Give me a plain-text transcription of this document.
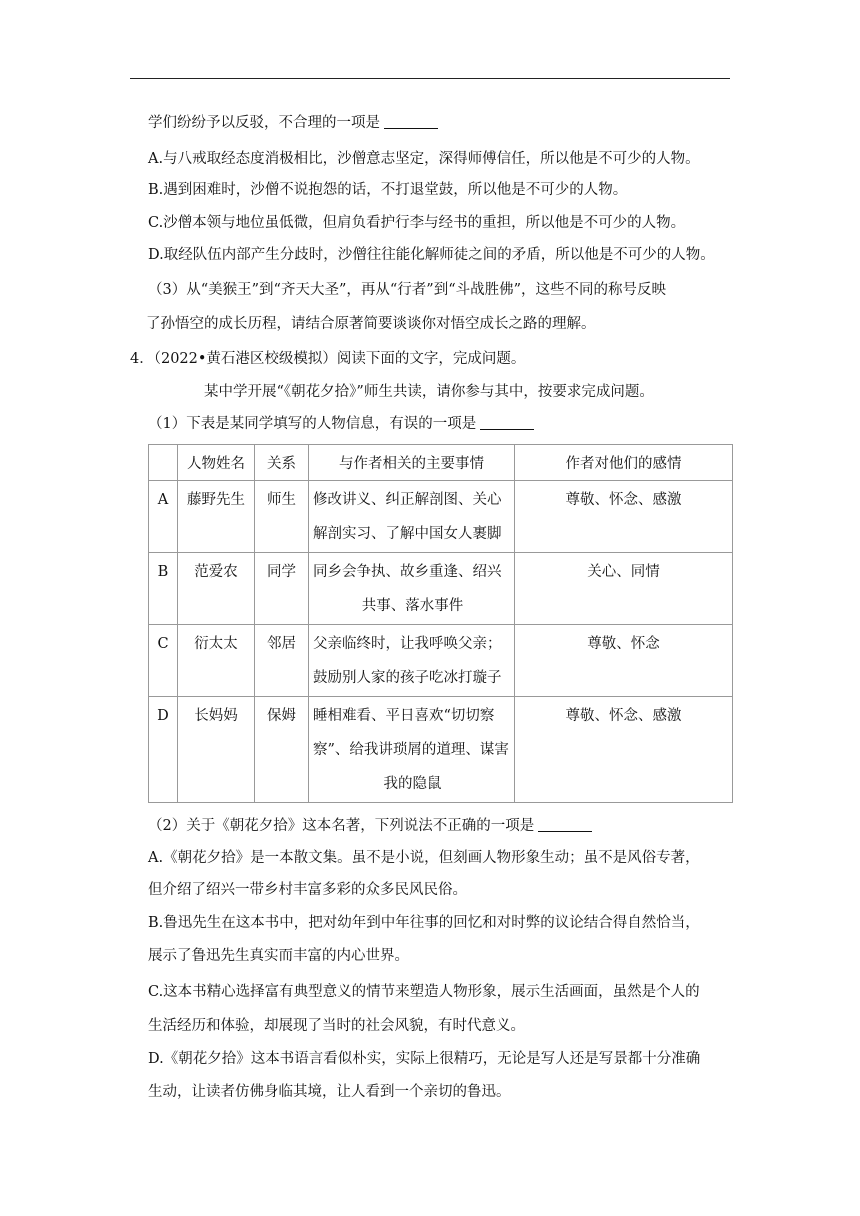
学们纷纷予以反驳，不合理的一项是
A.与八戒取经态度消极相比，沙僧意志坚定，深得师傅信任，所以他是不可少的人物。
B.遇到困难时，沙僧不说抱怨的话，不打退堂鼓，所以他是不可少的人物。
C.沙僧本领与地位虽低微，但肩负看护行李与经书的重担，所以他是不可少的人物。
D.取经队伍内部产生分歧时，沙僧往往能化解师徒之间的矛盾，所以他是不可少的人物。
（3）从“美猴王”到“齐天大圣”，再从“行者”到“斗战胜佛”，这些不同的称号反映
了孙悟空的成长历程，请结合原著简要谈谈你对悟空成长之路的理解。
4．（2022•黄石港区校级模拟）阅读下面的文字，完成问题。
某中学开展“《朝花夕拾》”师生共读，请你参与其中，按要求完成问题。
（1）下表是某同学填写的人物信息，有误的一项是
	人物姓名	关系	与作者相关的主要事情	作者对他们的感情
A	藤野先生	师生	修改讲义、纠正解剖图、关心
解剖实习、了解中国女人裹脚	尊敬、怀念、感激
B	范爱农	同学	同乡会争执、故乡重逢、绍兴
共事、落水事件	关心、同情
C	衍太太	邻居	父亲临终时，让我呼唤父亲；
鼓励别人家的孩子吃冰打璇子	尊敬、怀念
D	长妈妈	保姆	睡相难看、平日喜欢“切切察
察”、给我讲琐屑的道理、谋害
我的隐鼠	尊敬、怀念、感激
（2）关于《朝花夕拾》这本名著，下列说法不正确的一项是
A.《朝花夕拾》是一本散文集。虽不是小说，但刻画人物形象生动；虽不是风俗专著，
但介绍了绍兴一带乡村丰富多彩的众多民风民俗。
B.鲁迅先生在这本书中，把对幼年到中年往事的回忆和对时弊的议论结合得自然恰当，
展示了鲁迅先生真实而丰富的内心世界。
C.这本书精心选择富有典型意义的情节来塑造人物形象，展示生活画面，虽然是个人的
生活经历和体验，却展现了当时的社会风貌，有时代意义。
D.《朝花夕拾》这本书语言看似朴实，实际上很精巧，无论是写人还是写景都十分准确
生动，让读者仿佛身临其境，让人看到一个亲切的鲁迅。
